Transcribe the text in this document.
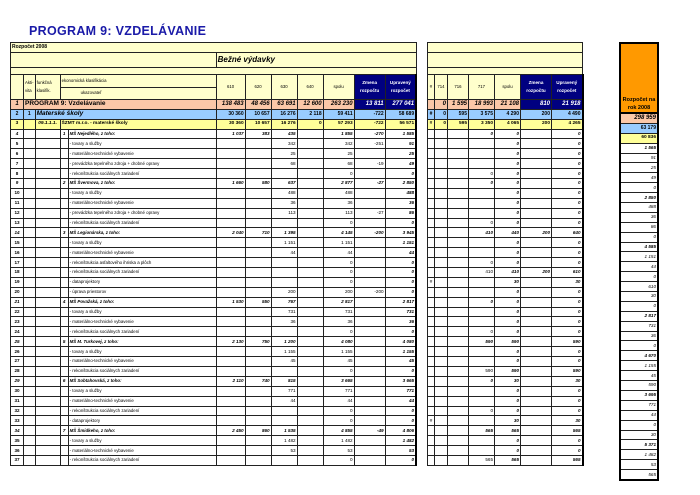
PROGRAM 9: VZDELÁVANIE
Rozpočet 2008											
					Bežné výdavky						

	Akti-vita	funkčná klasifik.	ekonomická klasifikácia		610	620	630	640	spolu	Zmena rozpočtu	Upravený rozpočet
			ukazovateľ								
1	PROGRAM 9: Vzdelávanie				138 483	48 456	63 691	12 600	263 230	13 811	277 041
2	1	Materské školy			30 360	10 657	16 276	2 118	59 411	-722	58 689
3		09.1.1.1.	ŠZMT m.r.o. - materské školy		30 360	10 657	16 276	0	57 293	-722	56 571
4			1	MŠ Nejedlého, z toho:	1 037	383	435		1 855	-270	1 585
5				- tovary a služby			342		342	-251	91
6				- materiálno-technické vybavenie			25		25		25
7				- prevádzka tepelného zdroja + drobné opravy			68		68	-19	49
8				- rekonštrukcia sociálnych zariadení					0		0
9			2	MŠ Švermova, z toho:	1 660	580	637		2 877	-27	2 850
10				- tovary a služby			488		488		488
11				- materiálno-technické vybavenie			36		36		36
12				- prevádzka tepelného zdroja + drobné opravy			113		113	-27	86
13				- rekonštrukcia sociálnych zariadení					0		0
14			3	MŠ Legionárska, z toho:	2 040	710	1 395		4 145	-200	3 945
15				- tovary a služby			1 151		1 151		1 151
16				- materiálno-technické vybavenie			44		44		44
17				- rekonštrukcia asfaltového ihriska a plôch					0		0
18				- rekonštrukcia sociálnych zariadení					0		0
19				- dataprojektory					0		0
20				- úprava priestorov			200		200	-200	0
21			4	MŠ Považská, z toho:	1 530	550	767		2 817		2 817
22				- tovary a služby			731		731		731
23				- materiálno-technické vybavenie			36		36		36
24				- rekonštrukcia sociálnych zariadení					0		0
25			5	MŠ M. Turkovej, z toho:	2 130	750	1 200		4 080		4 080
26				- tovary a služby			1 155		1 155		1 155
27				- materiálno-technické vybavenie			45		45		45
28				- rekonštrukcia sociálnych zariadení					0		0
29			6	MŠ Sobtahovská, z toho:	2 110	740	815		3 665		3 665
30				- tovary a služby			771		771		771
31				- materiálno-technické vybavenie			44		44		44
32				- rekonštrukcia sociálnych zariadení					0		0
33				- dataprojektory					0		0
34			7	MŠ Šmidkeho, z toho:	2 450	860	1 535		4 855	-49	4 806
35				- tovary a služby			1 482		1 482		1 482
36				- materiálno-technické vybavenie			53		53		53
37				- rekonštrukcia sociálnych zariadení					0		0

#	714	716	717	spolu	Zmena rozpočtu	Upravený rozpočet
	0	1 595	18 993	21 108	810	21 918
#	0	595	3 575	4 290	200	4 490
#	0	595	3 350	4 065	200	4 265
			0	0		0
				0		0
				0		0
				0		0
			0	0		0
			0	0		0
				0		0
				0		0
				0		0
			0	0		0
			410	440	200	640
				0		0
				0		0
			0	0		0
			410	410	200	610
#				30		30
				0		0
			0	0		0
				0		0
				0		0
			0	0		0
			590	590		590
				0		0
				0		0
			590	590		590
			0	30		30
				0		0
				0		0
			0	0		0
#				30		30
			565	565		565
				0		0
				0		0
			565	565		565
Rozpočet na rok 2008
298 959
63 179
60 836
1 565
91
25
49
0
2 850
488
36
86
0
4 585
1 151
44
0
610
30
0
2 817
731
36
0
4 670
1 155
45
590
3 695
771
44
0
30
5 371
1 482
53
565
